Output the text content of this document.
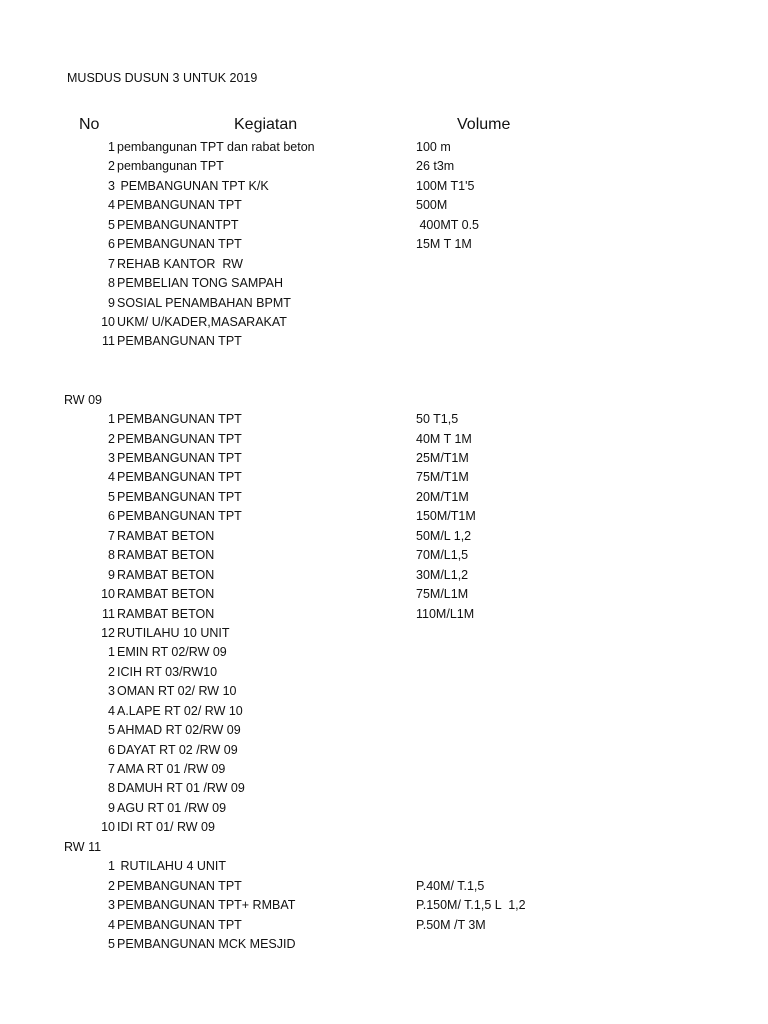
MUSDUS DUSUN 3 UNTUK 2019
No	Kegiatan	Volume
1 pembangunan TPT dan rabat beton	100 m
2 pembangunan TPT	26 t3m
3 PEMBANGUNAN TPT K/K	100M T1'5
4 PEMBANGUNAN TPT	500M
5 PEMBANGUNANTPT	400MT 0.5
6 PEMBANGUNAN TPT	15M T 1M
7 REHAB KANTOR  RW
8 PEMBELIAN TONG SAMPAH
9 SOSIAL PENAMBAHAN BPMT
10 UKM/ U/KADER,MASARAKAT
11 PEMBANGUNAN TPT
RW 09
1 PEMBANGUNAN TPT	50 T1,5
2 PEMBANGUNAN TPT	40M T 1M
3 PEMBANGUNAN TPT	25M/T1M
4 PEMBANGUNAN TPT	75M/T1M
5 PEMBANGUNAN TPT	20M/T1M
6 PEMBANGUNAN TPT	150M/T1M
7 RAMBAT BETON	50M/L 1,2
8 RAMBAT BETON	70M/L1,5
9 RAMBAT BETON	30M/L1,2
10 RAMBAT BETON	75M/L1M
11 RAMBAT BETON	110M/L1M
12 RUTILAHU 10 UNIT
1 EMIN RT 02/RW 09
2 ICIH RT 03/RW10
3 OMAN RT 02/ RW 10
4 A.LAPE RT 02/ RW 10
5 AHMAD RT 02/RW 09
6 DAYAT RT 02 /RW 09
7 AMA RT 01 /RW 09
8 DAMUH RT 01 /RW 09
9 AGU RT 01 /RW 09
10 IDI RT 01/ RW 09
RW 11
1 RUTILAHU 4 UNIT
2 PEMBANGUNAN TPT	P.40M/ T.1,5
3 PEMBANGUNAN TPT+ RMBAT	P.150M/ T.1,5 L  1,2
4 PEMBANGUNAN TPT	P.50M /T 3M
5 PEMBANGUNAN MCK MESJID
